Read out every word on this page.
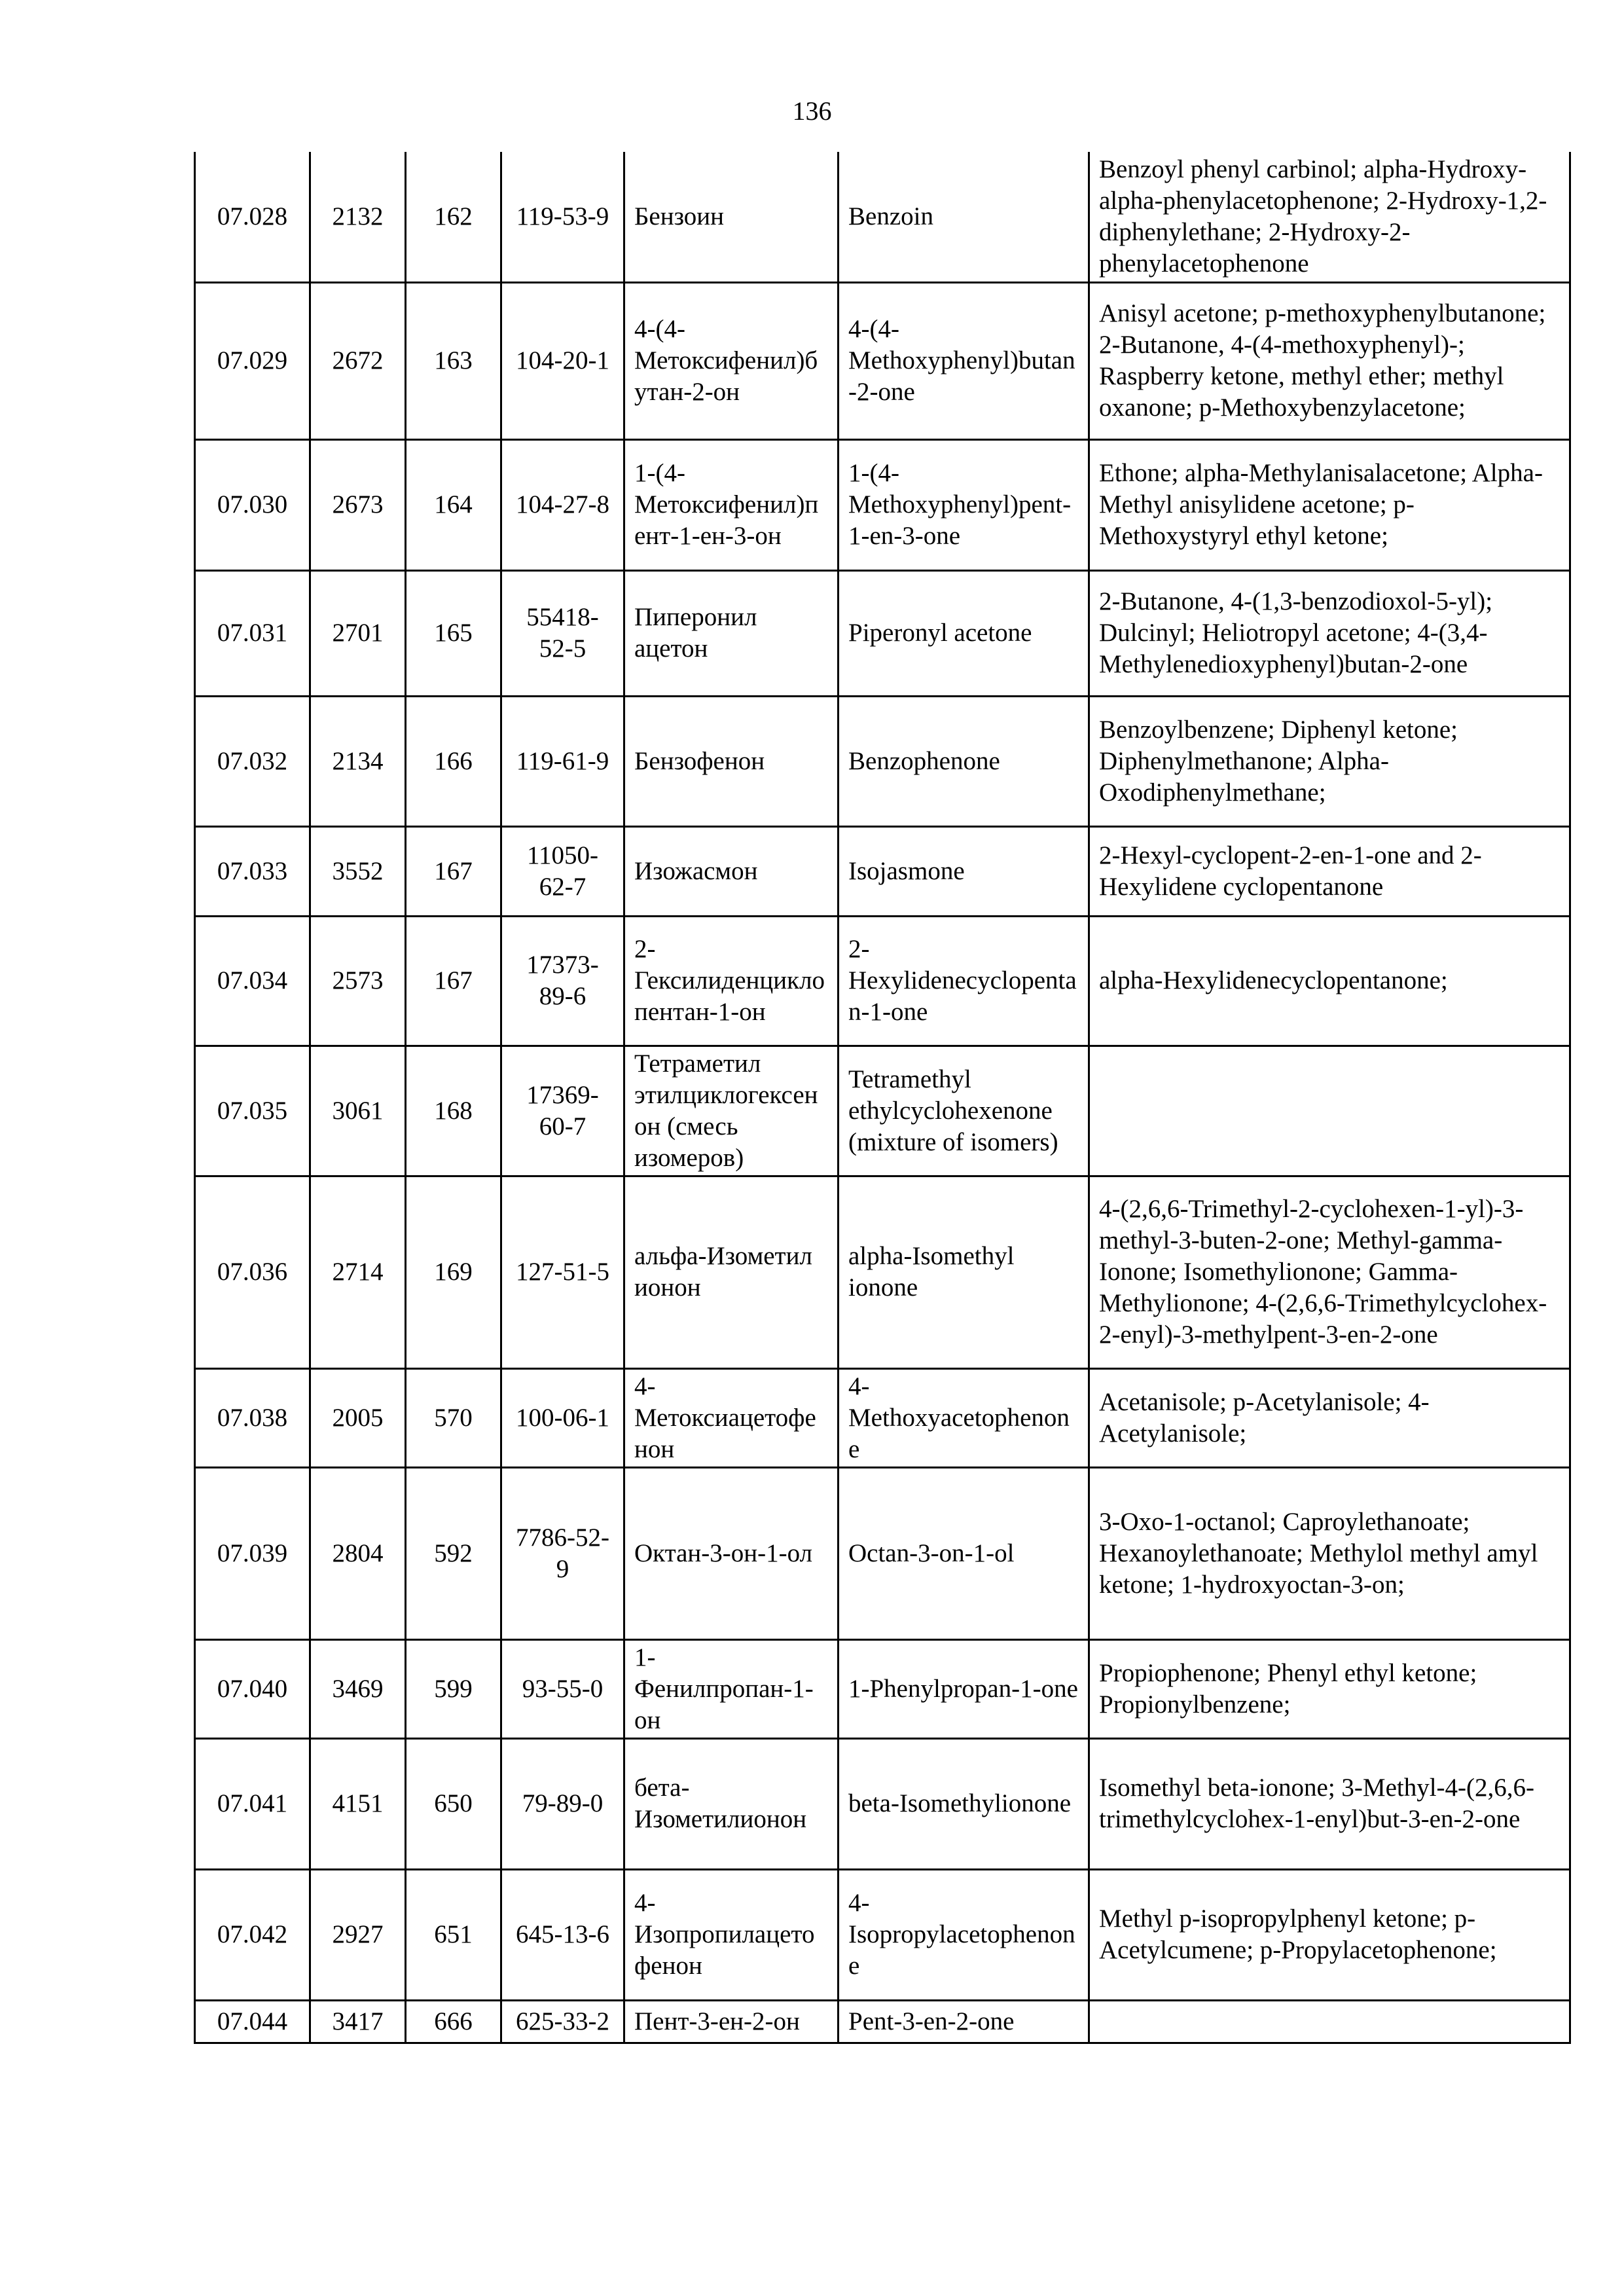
136
07.028	2132	162	119-53-9	Бензоин	Benzoin	Benzoyl phenyl carbinol; alpha-Hydroxy-alpha-phenylacetophenone; 2-Hydroxy-1,2-diphenylethane; 2-Hydroxy-2-phenylacetophenone
07.029	2672	163	104-20-1	4-(4-Метоксифенил)бутан-2-он	4-(4-Methoxyphenyl)butan-2-one	Anisyl acetone; p-methoxyphenylbutanone; 2-Butanone, 4-(4-methoxyphenyl)-; Raspberry ketone, methyl ether; methyl oxanone; p-Methoxybenzylacetone;
07.030	2673	164	104-27-8	1-(4-Метоксифенил)пент-1-ен-3-он	1-(4-Methoxyphenyl)pent-1-en-3-one	Ethone; alpha-Methylanisalacetone; Alpha-Methyl anisylidene acetone; p-Methoxystyryl ethyl ketone;
07.031	2701	165	55418-52-5	Пиперонил ацетон	Piperonyl acetone	2-Butanone, 4-(1,3-benzodioxol-5-yl); Dulcinyl; Heliotropyl acetone; 4-(3,4-Methylenedioxyphenyl)butan-2-one
07.032	2134	166	119-61-9	Бензофенон	Benzophenone	Benzoylbenzene; Diphenyl ketone; Diphenylmethanone; Alpha-Oxodiphenylmethane;
07.033	3552	167	11050-62-7	Изожасмон	Isojasmone	2-Hexyl-cyclopent-2-en-1-one and 2-Hexylidene cyclopentanone
07.034	2573	167	17373-89-6	2-Гексилиденциклопентан-1-он	2-Hexylidenecyclopentan-1-one	alpha-Hexylidenecyclopentanone;
07.035	3061	168	17369-60-7	Тетраметил этилциклогексенон (смесь изомеров)	Tetramethyl ethylcyclohexenone (mixture of isomers)	
07.036	2714	169	127-51-5	альфа-Изометил ионон	alpha-Isomethyl ionone	4-(2,6,6-Trimethyl-2-cyclohexen-1-yl)-3-methyl-3-buten-2-one; Methyl-gamma-Ionone; Isomethylionone; Gamma-Methylionone; 4-(2,6,6-Trimethylcyclohex-2-enyl)-3-methylpent-3-en-2-one
07.038	2005	570	100-06-1	4-Метоксиацетофенон	4-Methoxyacetophenone	Acetanisole; p-Acetylanisole; 4-Acetylanisole;
07.039	2804	592	7786-52-9	Октан-3-он-1-ол	Octan-3-on-1-ol	3-Oxo-1-octanol; Caproylethanoate; Hexanoylethanoate; Methylol methyl amyl ketone; 1-hydroxyoctan-3-on;
07.040	3469	599	93-55-0	1-Фенилпропан-1-он	1-Phenylpropan-1-one	Propiophenone; Phenyl ethyl ketone; Propionylbenzene;
07.041	4151	650	79-89-0	бета-Изометилионон	beta-Isomethylionone	Isomethyl beta-ionone; 3-Methyl-4-(2,6,6-trimethylcyclohex-1-enyl)but-3-en-2-one
07.042	2927	651	645-13-6	4-Изопропилацетофенон	4-Isopropylacetophenone	Methyl p-isopropylphenyl ketone; p-Acetylcumene; p-Propylacetophenone;
07.044	3417	666	625-33-2	Пент-3-ен-2-он	Pent-3-en-2-one	
